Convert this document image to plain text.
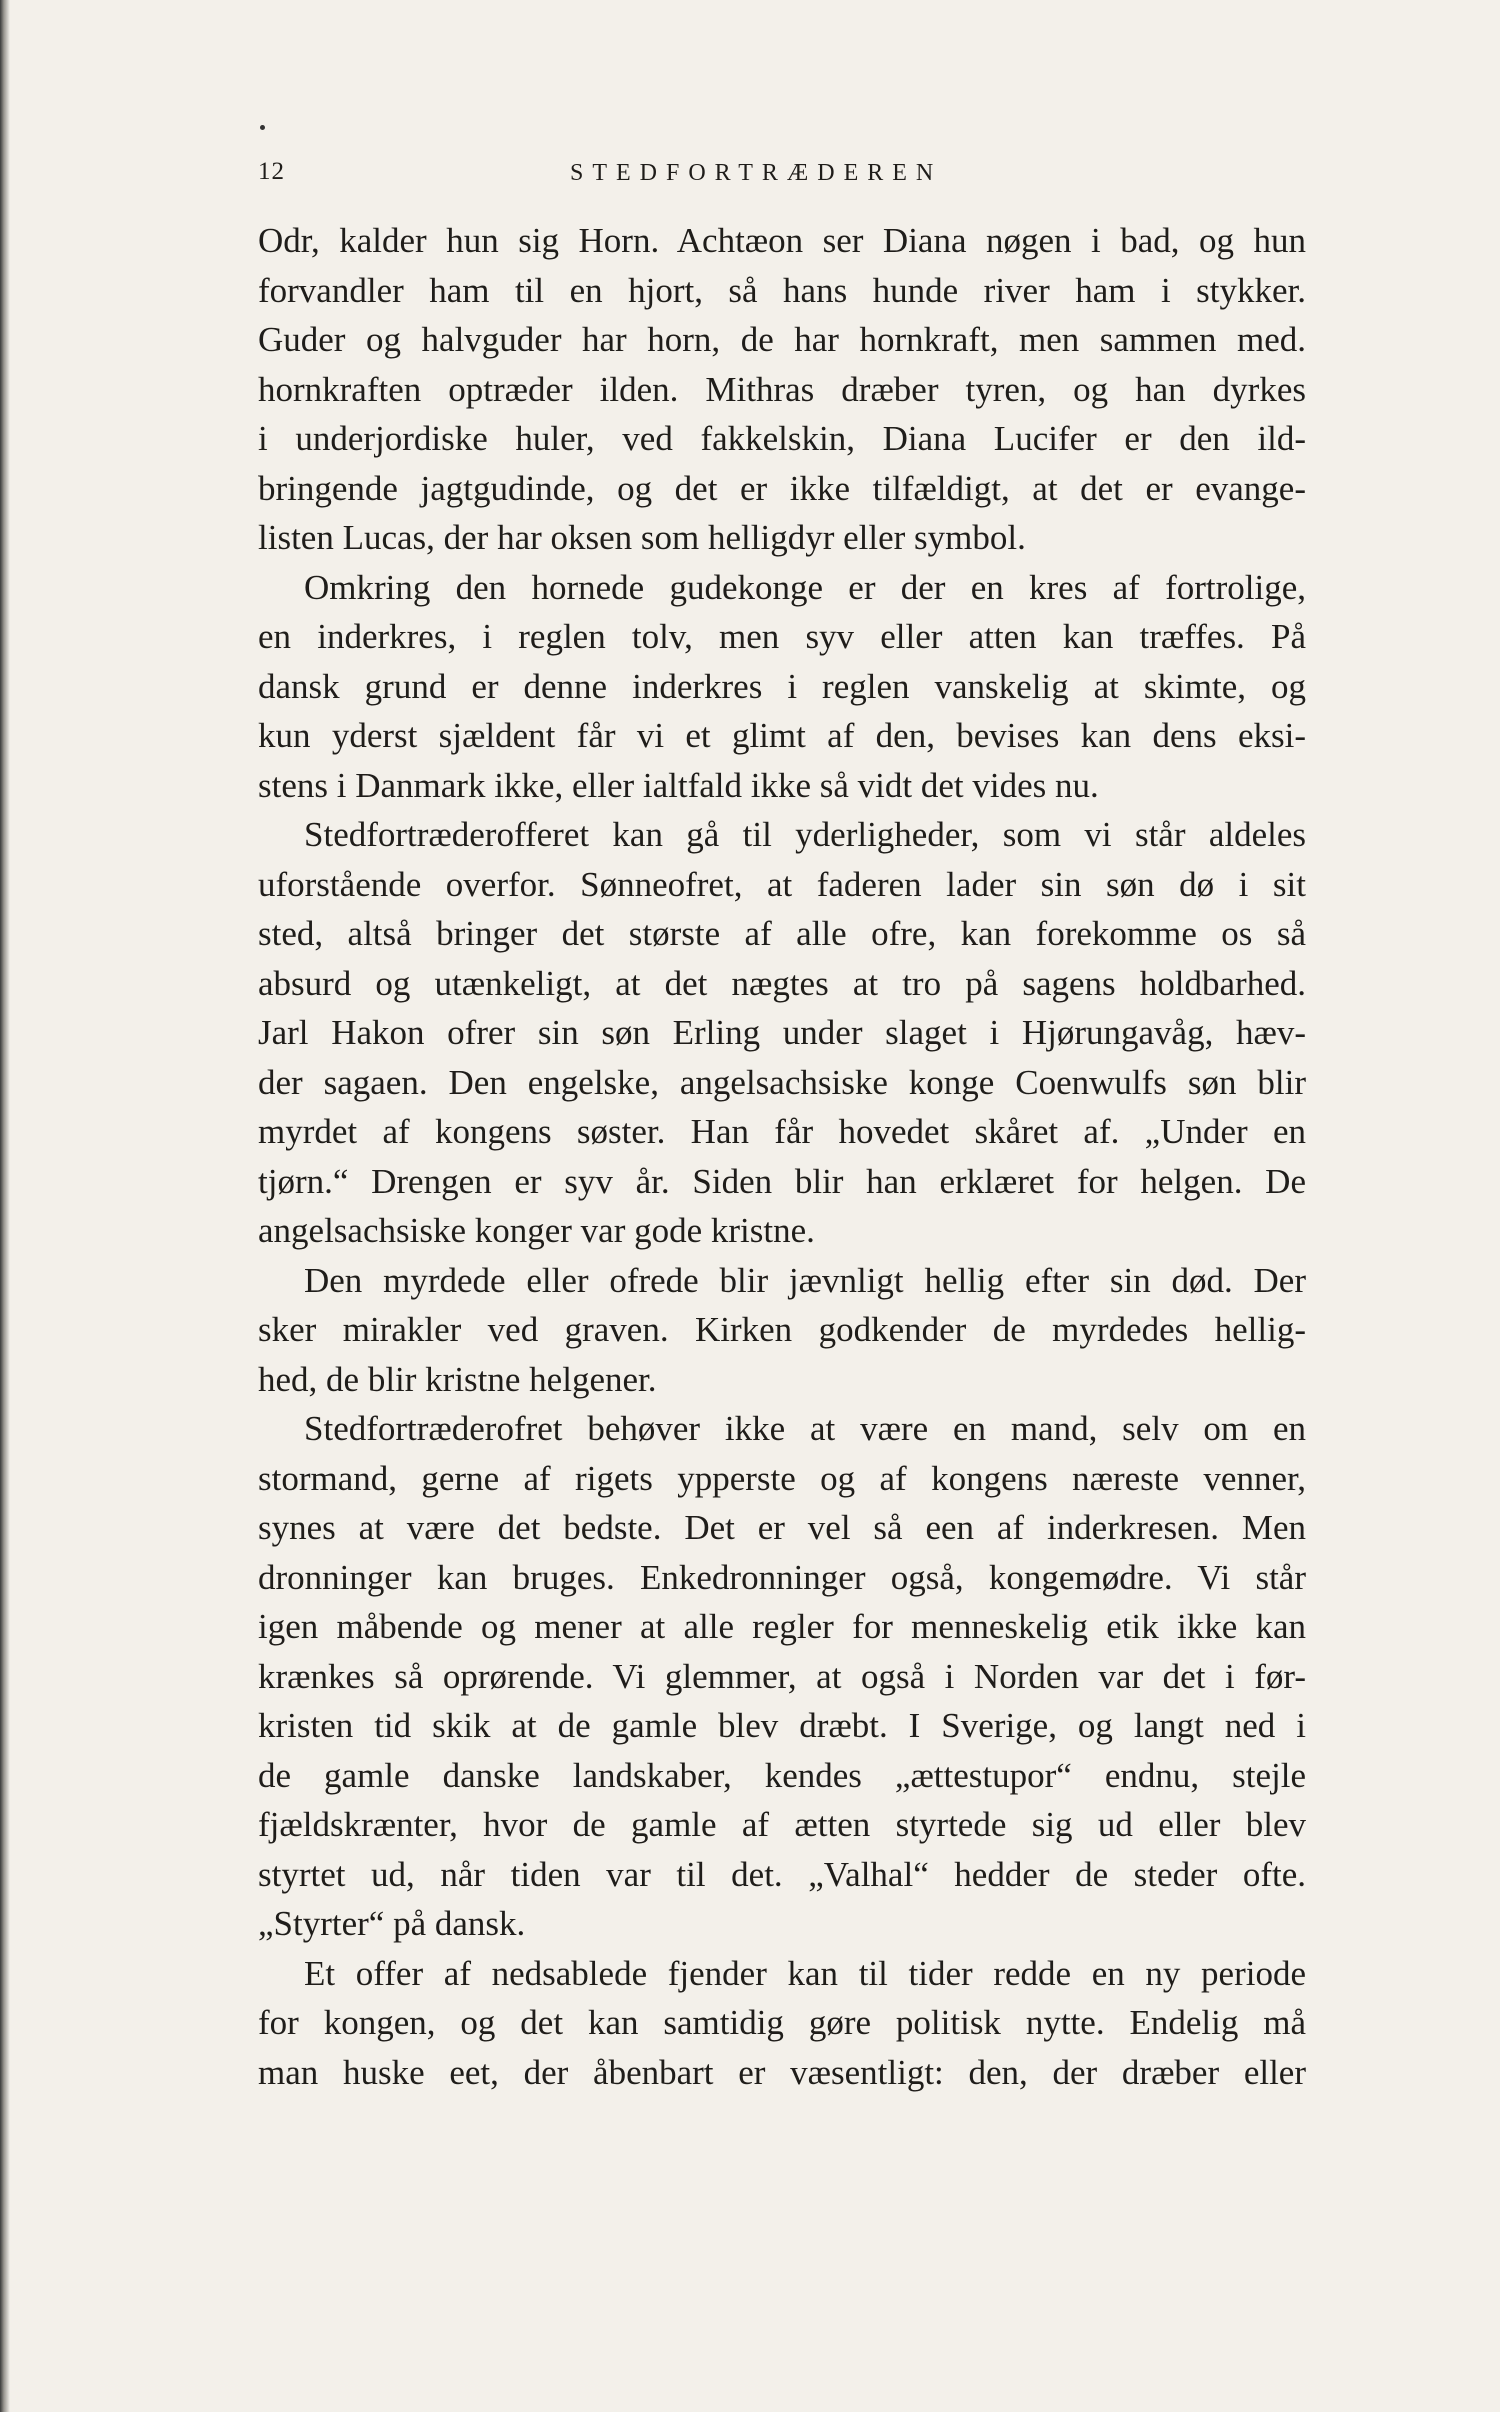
12	STEDFORTRÆDEREN
Odr, kalder hun sig Horn. Achtæon ser Diana nøgen i bad, og hun
forvandler ham til en hjort, så hans hunde river ham i stykker.
Guder og halvguder har horn, de har hornkraft, men sammen med.
hornkraften optræder ilden. Mithras dræber tyren, og han dyrkes
i underjordiske huler, ved fakkelskin, Diana Lucifer er den ild-
bringende jagtgudinde, og det er ikke tilfældigt, at det er evange-
listen Lucas, der har oksen som helligdyr eller symbol.
Omkring den hornede gudekonge er der en kres af fortrolige,
en inderkres, i reglen tolv, men syv eller atten kan træffes. På
dansk grund er denne inderkres i reglen vanskelig at skimte, og
kun yderst sjældent får vi et glimt af den, bevises kan dens eksi-
stens i Danmark ikke, eller ialtfald ikke så vidt det vides nu.
Stedfortræderofferet kan gå til yderligheder, som vi står aldeles
uforstående overfor. Sønneofret, at faderen lader sin søn dø i sit
sted, altså bringer det største af alle ofre, kan forekomme os så
absurd og utænkeligt, at det nægtes at tro på sagens holdbarhed.
Jarl Hakon ofrer sin søn Erling under slaget i Hjørungavåg, hæv-
der sagaen. Den engelske, angelsachsiske konge Coenwulfs søn blir
myrdet af kongens søster. Han får hovedet skåret af. „Under en
tjørn.“ Drengen er syv år. Siden blir han erklæret for helgen. De
angelsachsiske konger var gode kristne.
Den myrdede eller ofrede blir jævnligt hellig efter sin død. Der
sker mirakler ved graven. Kirken godkender de myrdedes hellig-
hed, de blir kristne helgener.
Stedfortræderofret behøver ikke at være en mand, selv om en
stormand, gerne af rigets ypperste og af kongens næreste venner,
synes at være det bedste. Det er vel så een af inderkresen. Men
dronninger kan bruges. Enkedronninger også, kongemødre. Vi står
igen måbende og mener at alle regler for menneskelig etik ikke kan
krænkes så oprørende. Vi glemmer, at også i Norden var det i før-
kristen tid skik at de gamle blev dræbt. I Sverige, og langt ned i
de gamle danske landskaber, kendes „ættestupor“ endnu, stejle
fjældskrænter, hvor de gamle af ætten styrtede sig ud eller blev
styrtet ud, når tiden var til det. „Valhal“ hedder de steder ofte.
„Styrter“ på dansk.
Et offer af nedsablede fjender kan til tider redde en ny periode
for kongen, og det kan samtidig gøre politisk nytte. Endelig må
man huske eet, der åbenbart er væsentligt: den, der dræber eller
